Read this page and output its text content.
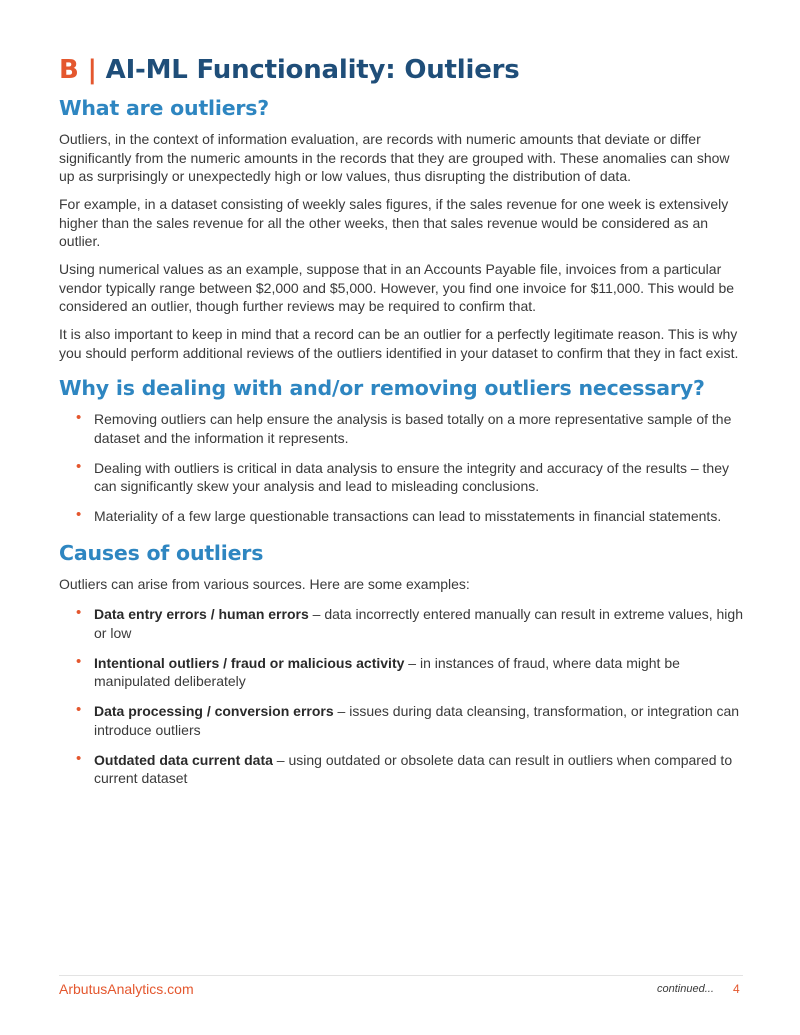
B | AI-ML Functionality: Outliers
What are outliers?

Outliers, in the context of information evaluation, are records with numeric amounts that deviate or differ significantly from the numeric amounts in the records that they are grouped with. These anomalies can show up as surprisingly or unexpectedly high or low values, thus disrupting the distribution of data.

For example, in a dataset consisting of weekly sales figures, if the sales revenue for one week is extensively higher than the sales revenue for all the other weeks, then that sales revenue would be considered as an outlier.

Using numerical values as an example, suppose that in an Accounts Payable file, invoices from a particular vendor typically range between $2,000 and $5,000. However, you find one invoice for $11,000. This would be considered an outlier, though further reviews may be required to confirm that.

It is also important to keep in mind that a record can be an outlier for a perfectly legitimate reason. This is why you should perform additional reviews of the outliers identified in your dataset to confirm that they in fact exist.

Why is dealing with and/or removing outliers necessary?
• Removing outliers can help ensure the analysis is based totally on a more representative sample of the dataset and the information it represents.
• Dealing with outliers is critical in data analysis to ensure the integrity and accuracy of the results – they can significantly skew your analysis and lead to misleading conclusions.
• Materiality of a few large questionable transactions can lead to misstatements in financial statements.
Causes of outliers

Outliers can arise from various sources. Here are some examples:

• Data entry errors / human errors – data incorrectly entered manually can result in extreme values, high or low
• Intentional outliers / fraud or malicious activity – in instances of fraud, where data might be manipulated deliberately
• Data processing / conversion errors – issues during data cleansing, transformation, or integration can introduce outliers
• Outdated data current data – using outdated or obsolete data can result in outliers when compared to current dataset
ArbutusAnalytics.com	continued... 4
